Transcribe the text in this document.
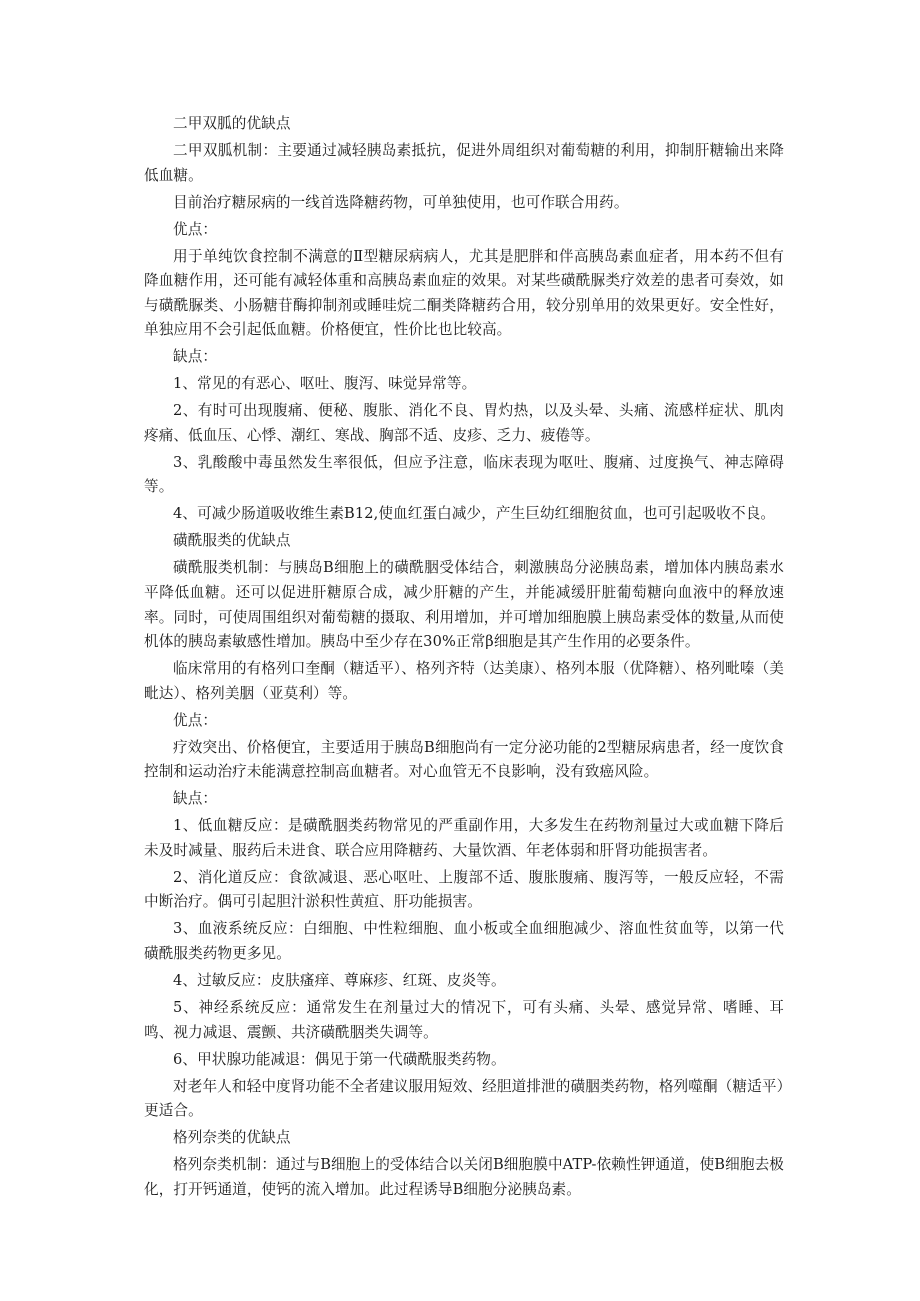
二甲双胍的优缺点

二甲双胍机制：主要通过减轻胰岛素抵抗，促进外周组织对葡萄糖的利用，抑制肝糖输出来降低血糖。

目前治疗糖尿病的一线首选降糖药物，可单独使用，也可作联合用药。

优点：

用于单纯饮食控制不满意的Ⅱ型糖尿病病人，尤其是肥胖和伴高胰岛素血症者，用本药不但有降血糖作用，还可能有减轻体重和高胰岛素血症的效果。对某些磺酰脲类疗效差的患者可奏效，如与磺酰脲类、小肠糖苷酶抑制剂或睡哇烷二酮类降糖药合用，较分别单用的效果更好。安全性好，单独应用不会引起低血糖。价格便宜，性价比也比较高。

缺点：

1、常见的有恶心、呕吐、腹泻、味觉异常等。

2、有时可出现腹痛、便秘、腹胀、消化不良、胃灼热，以及头晕、头痛、流感样症状、肌肉疼痛、低血压、心悸、潮红、寒战、胸部不适、皮疹、乏力、疲倦等。

3、乳酸酸中毒虽然发生率很低，但应予注意，临床表现为呕吐、腹痛、过度换气、神志障碍等。

4、可减少肠道吸收维生素B12,使血红蛋白减少，产生巨幼红细胞贫血，也可引起吸收不良。

磺酰服类的优缺点

磺酰服类机制：与胰岛B细胞上的磺酰胭受体结合，刺激胰岛分泌胰岛素，增加体内胰岛素水平降低血糖。还可以促进肝糖原合成，减少肝糖的产生，并能减缓肝脏葡萄糖向血液中的释放速率。同时，可使周围组织对葡萄糖的摄取、利用增加，并可增加细胞膜上胰岛素受体的数量,从而使机体的胰岛素敏感性增加。胰岛中至少存在30%正常β细胞是其产生作用的必要条件。

临床常用的有格列口奎酮（糖适平）、格列齐特（达美康）、格列本服（优降糖）、格列毗嗪（美毗达）、格列美胭（亚莫利）等。

优点：

疗效突出、价格便宜，主要适用于胰岛B细胞尚有一定分泌功能的2型糖尿病患者，经一度饮食控制和运动治疗未能满意控制高血糖者。对心血管无不良影响，没有致癌风险。

缺点：

1、低血糖反应：是磺酰胭类药物常见的严重副作用，大多发生在药物剂量过大或血糖下降后未及时减量、服药后未进食、联合应用降糖药、大量饮酒、年老体弱和肝肾功能损害者。

2、消化道反应：食欲减退、恶心呕吐、上腹部不适、腹胀腹痛、腹泻等，一般反应轻，不需中断治疗。偶可引起胆汁淤积性黄疸、肝功能损害。

3、血液系统反应：白细胞、中性粒细胞、血小板或全血细胞减少、溶血性贫血等，以第一代磺酰服类药物更多见。

4、过敏反应：皮肤瘙痒、尊麻疹、红斑、皮炎等。

5、神经系统反应：通常发生在剂量过大的情况下，可有头痛、头晕、感觉异常、嗜睡、耳鸣、视力减退、震颤、共济磺酰胭类失调等。

6、甲状腺功能减退：偶见于第一代磺酰服类药物。

对老年人和轻中度肾功能不全者建议服用短效、经胆道排泄的磺胭类药物，格列噬酮（糖适平）更适合。

格列奈类的优缺点

格列奈类机制：通过与B细胞上的受体结合以关闭B细胞膜中ATP-依赖性钾通道，使B细胞去极化，打开钙通道，使钙的流入增加。此过程诱导B细胞分泌胰岛素。
